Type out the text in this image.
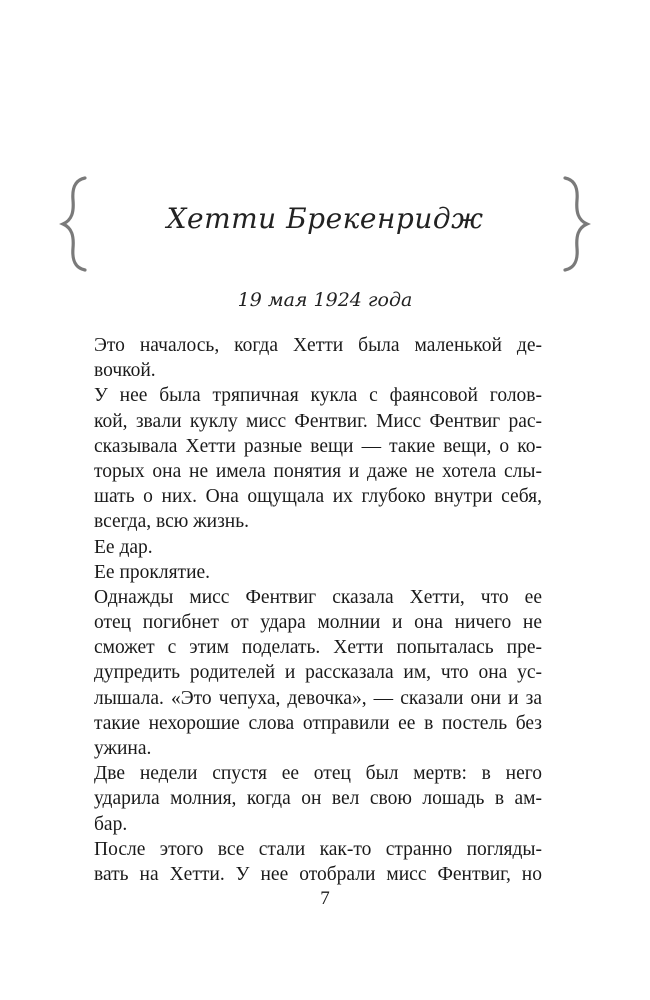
Хетти Брекенридж
19 мая 1924 года
Это началось, когда Хетти была маленькой де-
вочкой.
У нее была тряпичная кукла с фаянсовой голов-
кой, звали куклу мисс Фентвиг. Мисс Фентвиг рас-
сказывала Хетти разные вещи — такие вещи, о ко-
торых она не имела понятия и даже не хотела слы-
шать о них. Она ощущала их глубоко внутри себя,
всегда, всю жизнь.
Ее дар.
Ее проклятие.
Однажды мисс Фентвиг сказала Хетти, что ее
отец погибнет от удара молнии и она ничего не
сможет с этим поделать. Хетти попыталась пре-
дупредить родителей и рассказала им, что она ус-
лышала. «Это чепуха, девочка», — сказали они и за
такие нехорошие слова отправили ее в постель без
ужина.
Две недели спустя ее отец был мертв: в него
ударила молния, когда он вел свою лошадь в ам-
бар.
После этого все стали как-то странно погляды-
вать на Хетти. У нее отобрали мисс Фентвиг, но
7
